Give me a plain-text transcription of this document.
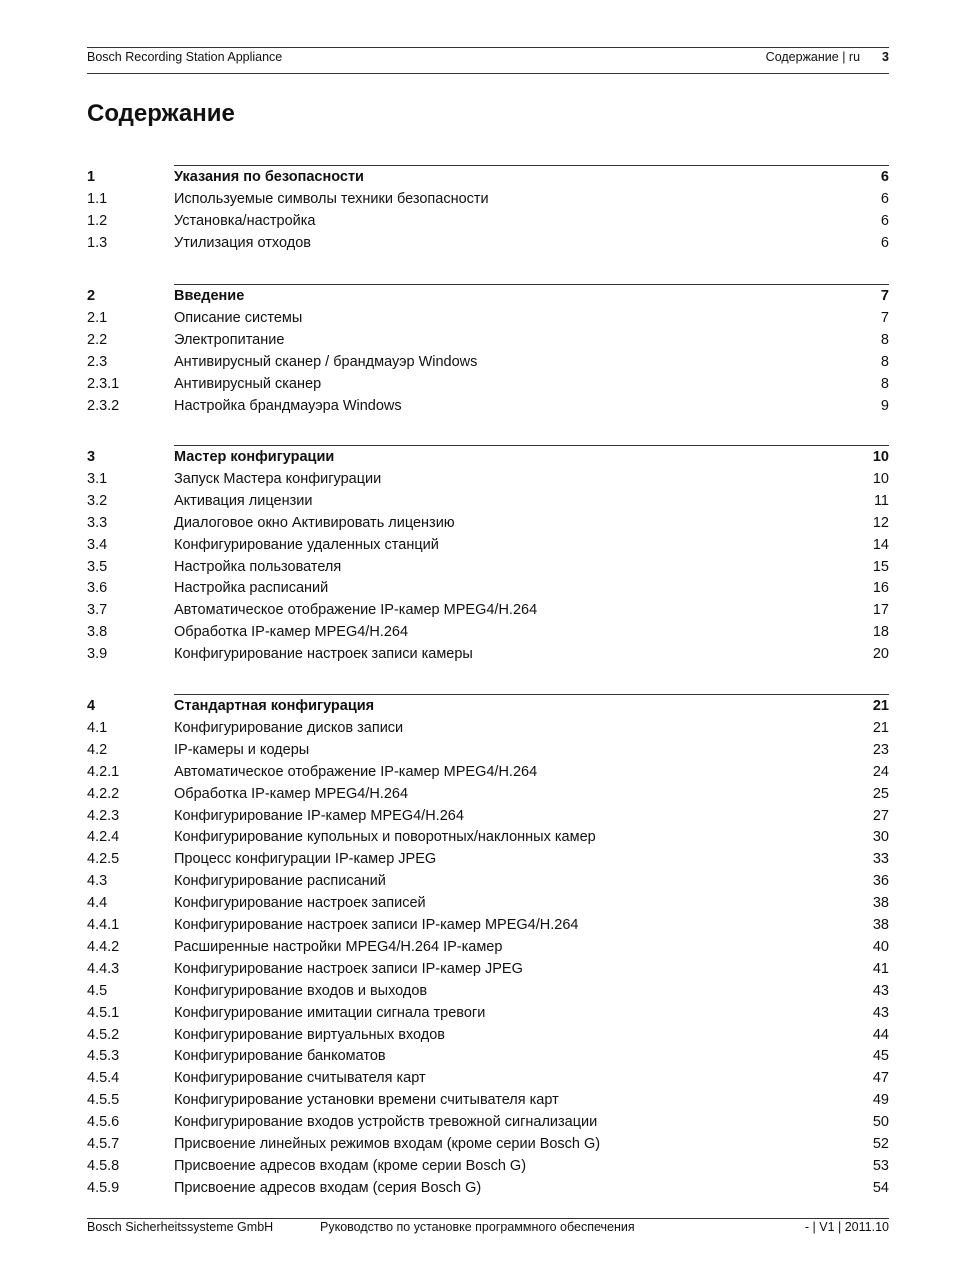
Bosch Recording Station Appliance	Содержание | ru 3
Содержание
1	Указания по безопасности	6
1.1	Используемые символы техники безопасности	6
1.2	Установка/настройка	6
1.3	Утилизация отходов	6
2	Введение	7
2.1	Описание системы	7
2.2	Электропитание	8
2.3	Антивирусный сканер / брандмауэр Windows	8
2.3.1	Антивирусный сканер	8
2.3.2	Настройка брандмауэра Windows	9
3	Мастер конфигурации	10
3.1	Запуск Мастера конфигурации	10
3.2	Активация лицензии	11
3.3	Диалоговое окно Активировать лицензию	12
3.4	Конфигурирование удаленных станций	14
3.5	Настройка пользователя	15
3.6	Настройка расписаний	16
3.7	Автоматическое отображение IP-камер MPEG4/H.264	17
3.8	Обработка IP-камер MPEG4/H.264	18
3.9	Конфигурирование настроек записи камеры	20
4	Стандартная конфигурация	21
4.1	Конфигурирование дисков записи	21
4.2	IP-камеры и кодеры	23
4.2.1	Автоматическое отображение IP-камер MPEG4/H.264	24
4.2.2	Обработка IP-камер MPEG4/H.264	25
4.2.3	Конфигурирование IP-камер MPEG4/H.264	27
4.2.4	Конфигурирование купольных и поворотных/наклонных камер	30
4.2.5	Процесс конфигурации IP-камер JPEG	33
4.3	Конфигурирование расписаний	36
4.4	Конфигурирование настроек записей	38
4.4.1	Конфигурирование настроек записи IP-камер MPEG4/H.264	38
4.4.2	Расширенные настройки MPEG4/H.264 IP-камер	40
4.4.3	Конфигурирование настроек записи IP-камер JPEG	41
4.5	Конфигурирование входов и выходов	43
4.5.1	Конфигурирование имитации сигнала тревоги	43
4.5.2	Конфигурирование виртуальных входов	44
4.5.3	Конфигурирование банкоматов	45
4.5.4	Конфигурирование считывателя карт	47
4.5.5	Конфигурирование установки времени считывателя карт	49
4.5.6	Конфигурирование входов устройств тревожной сигнализации	50
4.5.7	Присвоение линейных режимов входам (кроме серии Bosch G)	52
4.5.8	Присвоение адресов входам (кроме серии Bosch G)	53
4.5.9	Присвоение адресов входам (серия Bosch G)	54
Bosch Sicherheitssysteme GmbH	Руководство по установке программного обеспечения	- | V1 | 2011.10
